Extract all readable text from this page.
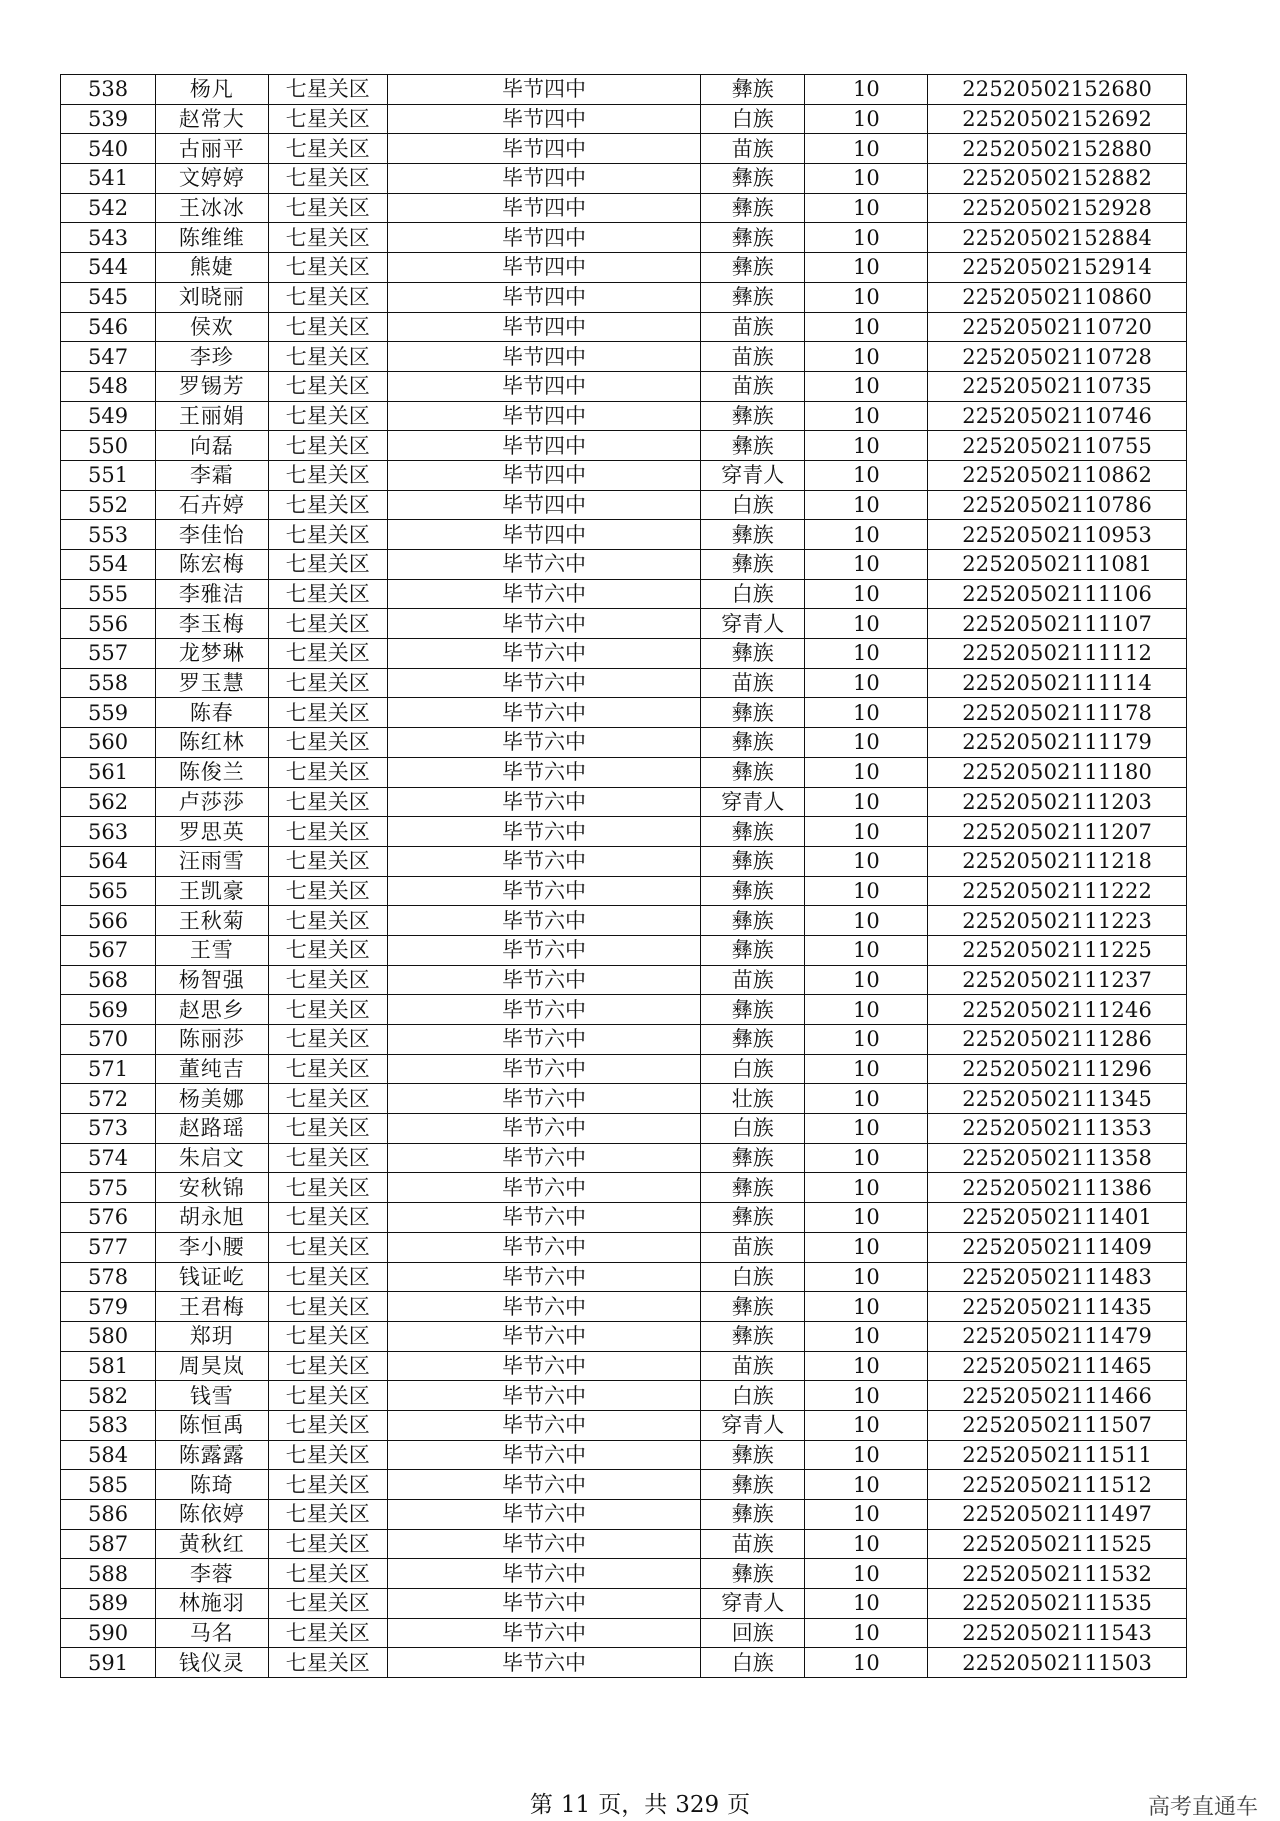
538	杨凡	七星关区	毕节四中	彝族	10	22520502152680
539	赵常大	七星关区	毕节四中	白族	10	22520502152692
540	古丽平	七星关区	毕节四中	苗族	10	22520502152880
541	文婷婷	七星关区	毕节四中	彝族	10	22520502152882
542	王冰冰	七星关区	毕节四中	彝族	10	22520502152928
543	陈维维	七星关区	毕节四中	彝族	10	22520502152884
544	熊婕	七星关区	毕节四中	彝族	10	22520502152914
545	刘晓丽	七星关区	毕节四中	彝族	10	22520502110860
546	侯欢	七星关区	毕节四中	苗族	10	22520502110720
547	李珍	七星关区	毕节四中	苗族	10	22520502110728
548	罗锡芳	七星关区	毕节四中	苗族	10	22520502110735
549	王丽娟	七星关区	毕节四中	彝族	10	22520502110746
550	向磊	七星关区	毕节四中	彝族	10	22520502110755
551	李霜	七星关区	毕节四中	穿青人	10	22520502110862
552	石卉婷	七星关区	毕节四中	白族	10	22520502110786
553	李佳怡	七星关区	毕节四中	彝族	10	22520502110953
554	陈宏梅	七星关区	毕节六中	彝族	10	22520502111081
555	李雅洁	七星关区	毕节六中	白族	10	22520502111106
556	李玉梅	七星关区	毕节六中	穿青人	10	22520502111107
557	龙梦琳	七星关区	毕节六中	彝族	10	22520502111112
558	罗玉慧	七星关区	毕节六中	苗族	10	22520502111114
559	陈春	七星关区	毕节六中	彝族	10	22520502111178
560	陈红林	七星关区	毕节六中	彝族	10	22520502111179
561	陈俊兰	七星关区	毕节六中	彝族	10	22520502111180
562	卢莎莎	七星关区	毕节六中	穿青人	10	22520502111203
563	罗思英	七星关区	毕节六中	彝族	10	22520502111207
564	汪雨雪	七星关区	毕节六中	彝族	10	22520502111218
565	王凯豪	七星关区	毕节六中	彝族	10	22520502111222
566	王秋菊	七星关区	毕节六中	彝族	10	22520502111223
567	王雪	七星关区	毕节六中	彝族	10	22520502111225
568	杨智强	七星关区	毕节六中	苗族	10	22520502111237
569	赵思乡	七星关区	毕节六中	彝族	10	22520502111246
570	陈丽莎	七星关区	毕节六中	彝族	10	22520502111286
571	董纯吉	七星关区	毕节六中	白族	10	22520502111296
572	杨美娜	七星关区	毕节六中	壮族	10	22520502111345
573	赵路瑶	七星关区	毕节六中	白族	10	22520502111353
574	朱启文	七星关区	毕节六中	彝族	10	22520502111358
575	安秋锦	七星关区	毕节六中	彝族	10	22520502111386
576	胡永旭	七星关区	毕节六中	彝族	10	22520502111401
577	李小腰	七星关区	毕节六中	苗族	10	22520502111409
578	钱证屹	七星关区	毕节六中	白族	10	22520502111483
579	王君梅	七星关区	毕节六中	彝族	10	22520502111435
580	郑玥	七星关区	毕节六中	彝族	10	22520502111479
581	周昊岚	七星关区	毕节六中	苗族	10	22520502111465
582	钱雪	七星关区	毕节六中	白族	10	22520502111466
583	陈恒禹	七星关区	毕节六中	穿青人	10	22520502111507
584	陈露露	七星关区	毕节六中	彝族	10	22520502111511
585	陈琦	七星关区	毕节六中	彝族	10	22520502111512
586	陈依婷	七星关区	毕节六中	彝族	10	22520502111497
587	黄秋红	七星关区	毕节六中	苗族	10	22520502111525
588	李蓉	七星关区	毕节六中	彝族	10	22520502111532
589	林施羽	七星关区	毕节六中	穿青人	10	22520502111535
590	马名	七星关区	毕节六中	回族	10	22520502111543
591	钱仪灵	七星关区	毕节六中	白族	10	22520502111503
第 11 页，共 329 页	高考直通车
